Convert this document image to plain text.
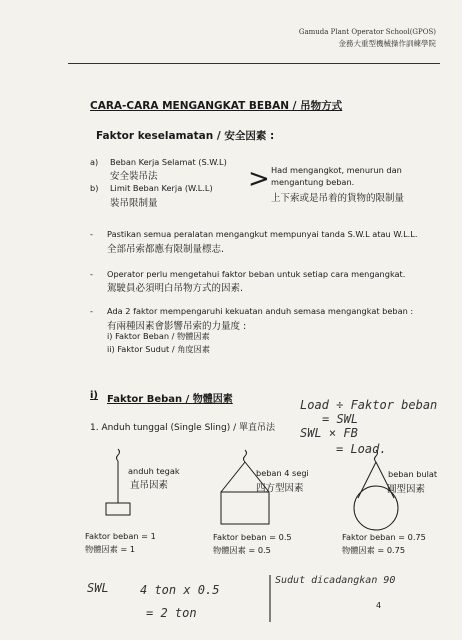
Gamuda Plant Operator School(GPOS)
金務大重型機械操作訓練學院
CARA-CARA MENGANGKAT BEBAN / 吊物方式
Faktor keselamatan / 安全因素 :
a) Beban Kerja Selamat (S.W.L)
安全裝吊法
b) Limit Beban Kerja (W.L.L)
裝吊限制量
> Had mengangkot, menurun dan
mengantung beban.
上下索或是吊着的貨物的限制量
- Pastikan semua peralatan mengangkut mempunyai tanda S.W.L atau W.L.L.
全部吊索都應有限制量標志.
- Operator perlu mengetahui faktor beban untuk setiap cara mengangkat.
駕駛員必須明白吊物方式的因素.
- Ada 2 faktor mempengaruhi kekuatan anduh semasa mengangkat beban :
有兩種因素會影響吊索的力量度 :
i) Faktor Beban / 物體因素
ii) Faktor Sudut / 角度因素
i) Faktor Beban / 物體因素
1. Anduh tunggal (Single Sling) / 單直吊法
anduh tegak
直吊因素
beban 4 segi
四方型因素
beban bulat
圓型因素
Faktor beban = 1
物體因素 = 1
Faktor beban = 0.5
物體因素 = 0.5
Faktor beban = 0.75
物體因素 = 0.75
Load ÷ Faktor beban
= SWL
SWL × FB
= Load.
SWL	4 ton x 0.5
= 2 ton
Sudut dicadangkan 90
4
